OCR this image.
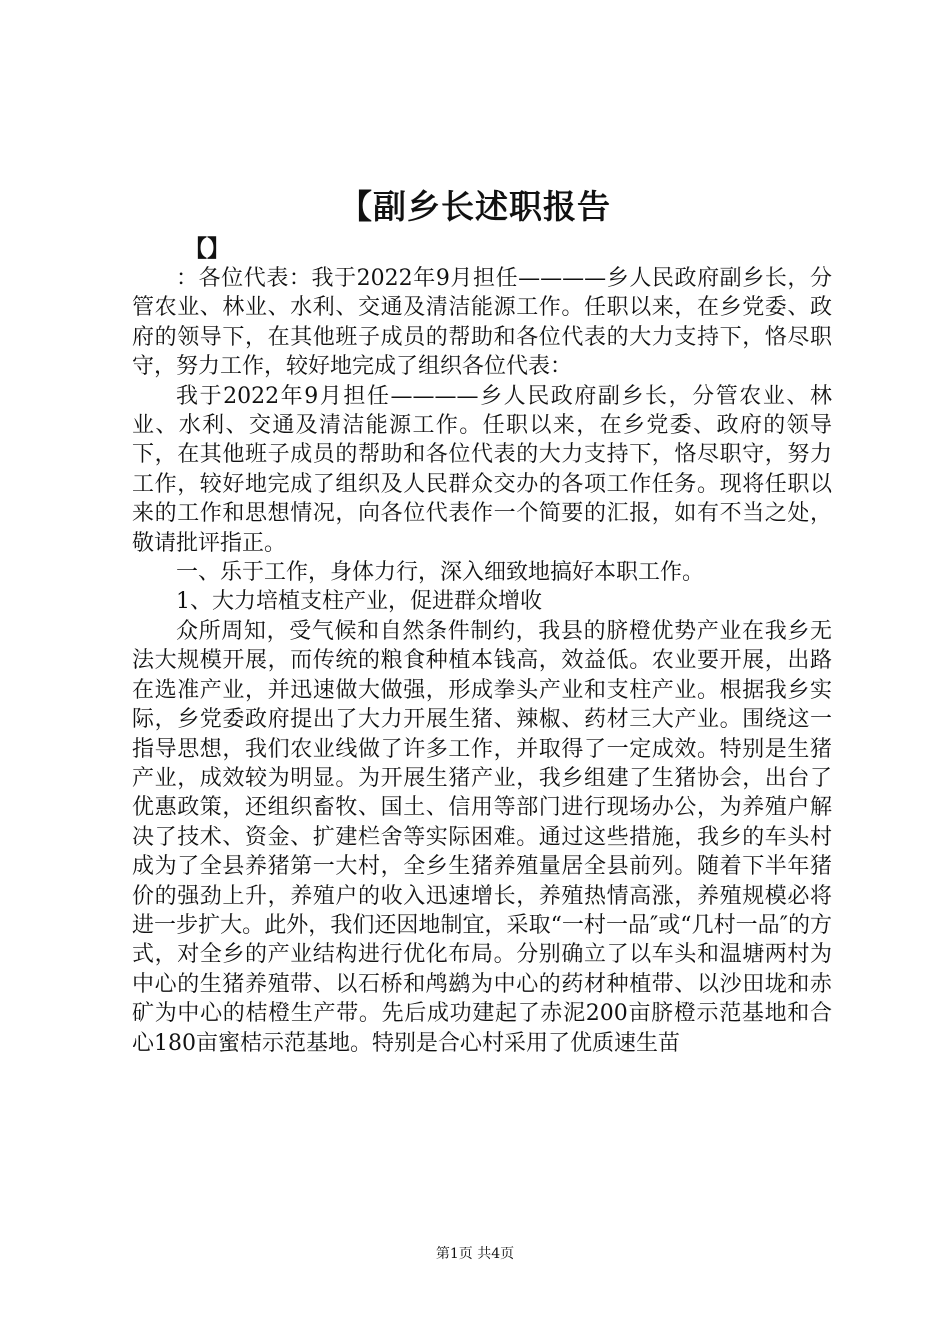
【副乡长述职报告
【】

：各位代表：我于2022年9月担任————乡人民政府副乡长，分管农业、林业、水利、交通及清洁能源工作。任职以来，在乡党委、政府的领导下，在其他班子成员的帮助和各位代表的大力支持下，恪尽职守，努力工作，较好地完成了组织各位代表：

我于2022年9月担任————乡人民政府副乡长，分管农业、林业、水利、交通及清洁能源工作。任职以来，在乡党委、政府的领导下，在其他班子成员的帮助和各位代表的大力支持下，恪尽职守，努力工作，较好地完成了组织及人民群众交办的各项工作任务。现将任职以来的工作和思想情况，向各位代表作一个简要的汇报，如有不当之处，敬请批评指正。

一、乐于工作，身体力行，深入细致地搞好本职工作。

1、大力培植支柱产业，促进群众增收

众所周知，受气候和自然条件制约，我县的脐橙优势产业在我乡无法大规模开展，而传统的粮食种植本钱高，效益低。农业要开展，出路在选准产业，并迅速做大做强，形成拳头产业和支柱产业。根据我乡实际，乡党委政府提出了大力开展生猪、辣椒、药材三大产业。围绕这一指导思想，我们农业线做了许多工作，并取得了一定成效。特别是生猪产业，成效较为明显。为开展生猪产业，我乡组建了生猪协会，出台了优惠政策，还组织畜牧、国土、信用等部门进行现场办公，为养殖户解决了技术、资金、扩建栏舍等实际困难。通过这些措施，我乡的车头村成为了全县养猪第一大村，全乡生猪养殖量居全县前列。随着下半年猪价的强劲上升，养殖户的收入迅速增长，养殖热情高涨，养殖规模必将进一步扩大。此外，我们还因地制宜，采取“一村一品″或“几村一品″的方式，对全乡的产业结构进行优化布局。分别确立了以车头和温塘两村为中心的生猪养殖带、以石桥和鸬鹚为中心的药材种植带、以沙田垅和赤矿为中心的桔橙生产带。先后成功建起了赤泥200亩脐橙示范基地和合心180亩蜜桔示范基地。特别是合心村采用了优质速生苗

第1页 共4页
